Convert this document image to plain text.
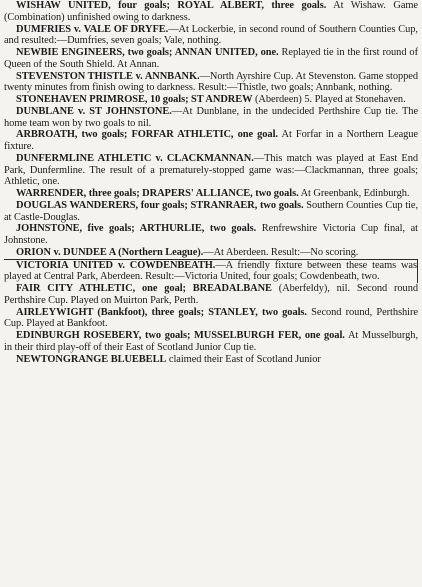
WISHAW UNITED, four goals; ROYAL ALBERT, three goals. At Wishaw. Game (Combination) unfinished owing to darkness.

DUMFRIES v. VALE OF DRYFE.—At Lockerbie, in second round of Southern Counties Cup, and resulted:—Dumfries, seven goals; Vale, nothing.

NEWBIE ENGINEERS, two goals; ANNAN UNITED, one. Replayed tie in the first round of Queen of the South Shield. At Annan.

STEVENSTON THISTLE v. ANNBANK.—North Ayrshire Cup. At Stevenston. Game stopped twenty minutes from finish owing to darkness. Result:—Thistle, two goals; Annbank, nothing.

STONEHAVEN PRIMROSE, 10 goals; ST ANDREW (Aberdeen) 5. Played at Stonehaven.

DUNBLANE v. ST JOHNSTONE.—At Dunblane, in the undecided Perthshire Cup tie. The home team won by two goals to nil.

ARBROATH, two goals; FORFAR ATHLETIC, one goal. At Forfar in a Northern League fixture.

DUNFERMLINE ATHLETIC v. CLACKMANNAN.—This match was played at East End Park, Dunfermline. The result of a prematurely-stopped game was:—Clackmannan, three goals; Athletic, one.

WARRENDER, three goals; DRAPERS' ALLIANCE, two goals. At Greenbank, Edinburgh.

DOUGLAS WANDERERS, four goals; STRANRAER, two goals. Southern Counties Cup tie, at Castle-Douglas.

JOHNSTONE, five goals; ARTHURLIE, two goals. Renfrewshire Victoria Cup final, at Johnstone.

ORION v. DUNDEE A (Northern League).—At Aberdeen. Result:—No scoring.

VICTORIA UNITED v. COWDENBEATH.—A friendly fixture between these teams was played at Central Park, Aberdeen. Result:—Victoria United, four goals; Cowdenbeath, two.

FAIR CITY ATHLETIC, one goal; BREADALBANE (Aberfeldy), nil. Second round Perthshire Cup. Played on Muirton Park, Perth.

AIRLEYWIGHT (Bankfoot), three goals; STANLEY, two goals. Second round, Perthshire Cup. Played at Bankfoot.

EDINBURGH ROSEBERY, two goals; MUSSELBURGH FER, one goal. At Musselburgh, in their third play-off of their East of Scotland Junior Cup tie.

NEWTONGRANGE BLUEBELL claimed their East of Scotland Junior
